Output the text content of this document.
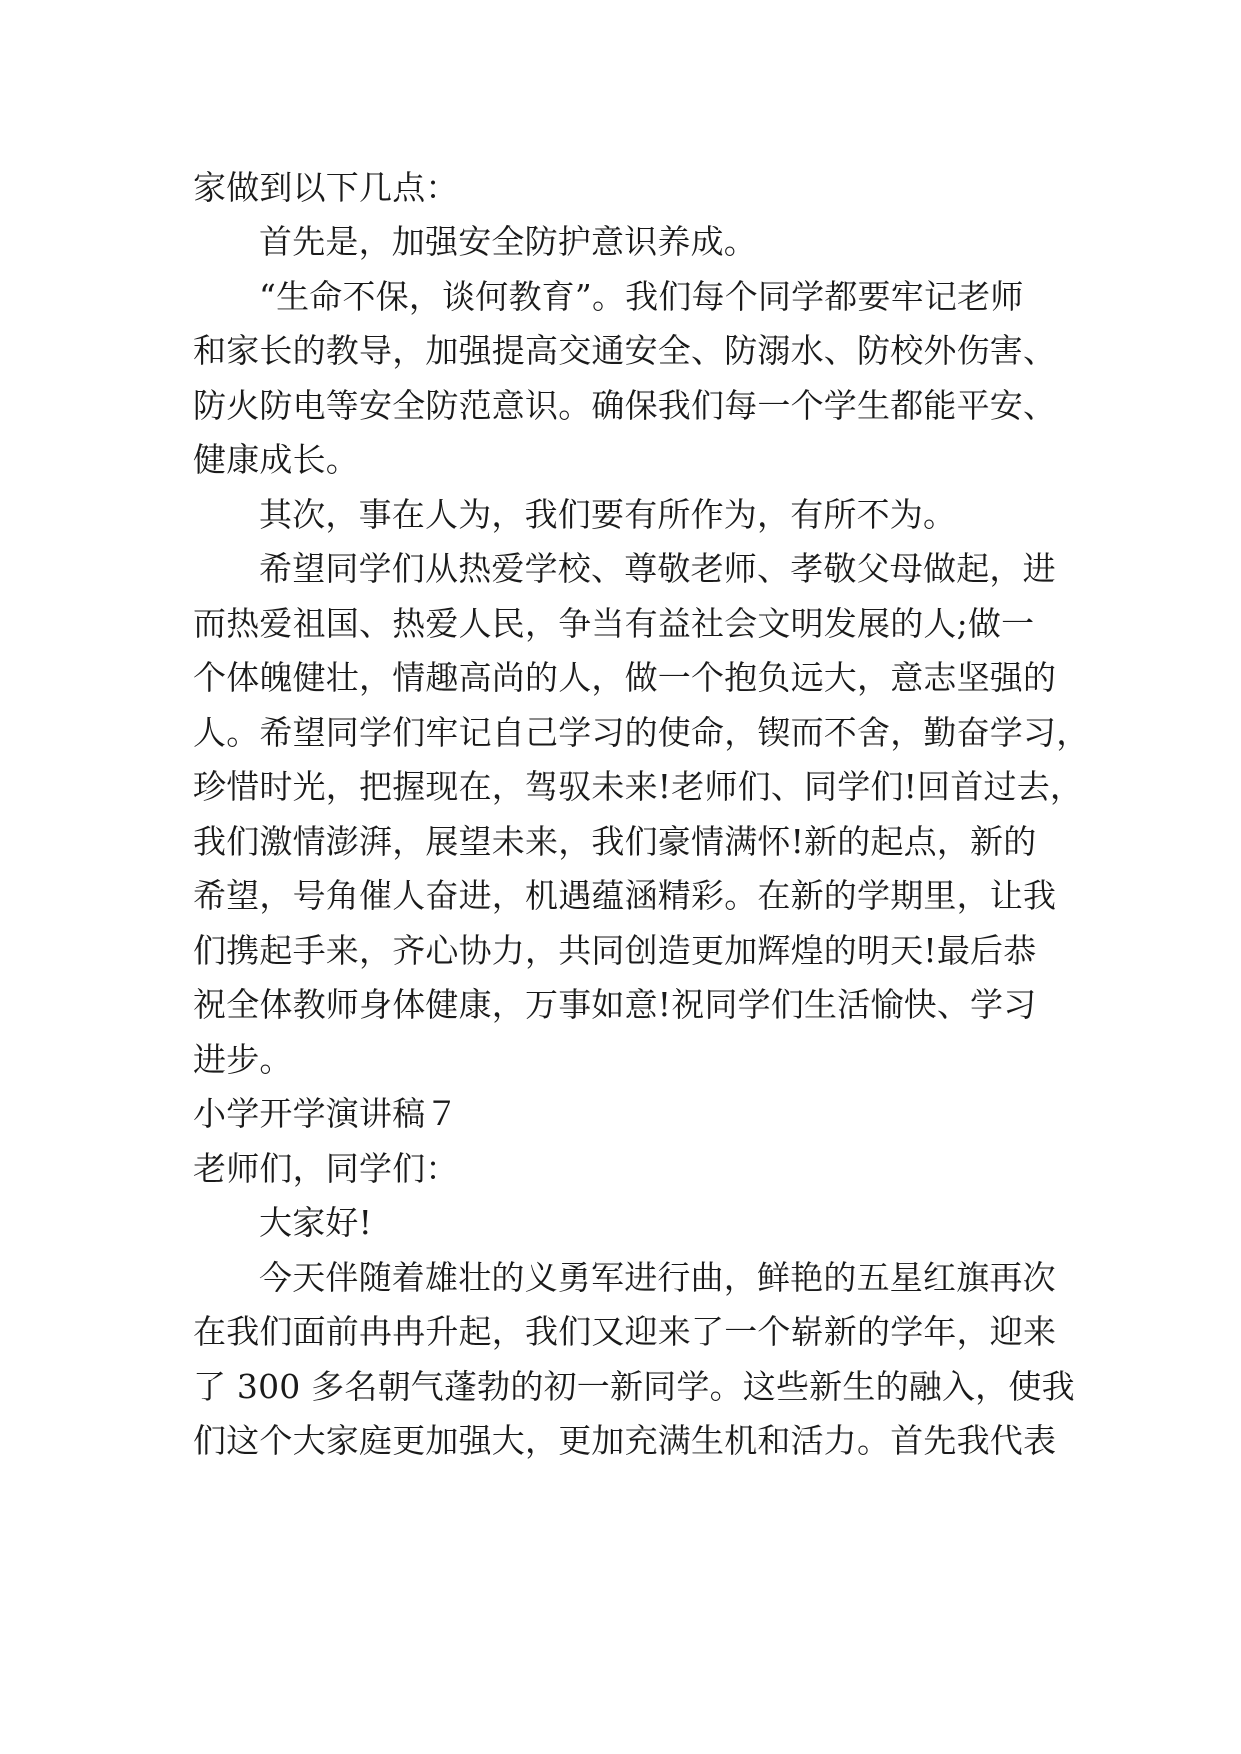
家做到以下几点：
首先是，加强安全防护意识养成。
“生命不保，谈何教育”。我们每个同学都要牢记老师
和家长的教导，加强提高交通安全、防溺水、防校外伤害、
防火防电等安全防范意识。确保我们每一个学生都能平安、
健康成长。
其次，事在人为，我们要有所作为，有所不为。
希望同学们从热爱学校、尊敬老师、孝敬父母做起，进
而热爱祖国、热爱人民，争当有益社会文明发展的人;做一
个体魄健壮，情趣高尚的人，做一个抱负远大，意志坚强的
人。希望同学们牢记自己学习的使命，锲而不舍，勤奋学习，
珍惜时光，把握现在，驾驭未来!老师们、同学们!回首过去，
我们激情澎湃，展望未来，我们豪情满怀!新的起点，新的
希望，号角催人奋进，机遇蕴涵精彩。在新的学期里，让我
们携起手来，齐心协力，共同创造更加辉煌的明天!最后恭
祝全体教师身体健康，万事如意!祝同学们生活愉快、学习
进步。
小学开学演讲稿７
老师们，同学们：
大家好!
今天伴随着雄壮的义勇军进行曲，鲜艳的五星红旗再次
在我们面前冉冉升起，我们又迎来了一个崭新的学年，迎来
了 300 多名朝气蓬勃的初一新同学。这些新生的融入，使我
们这个大家庭更加强大，更加充满生机和活力。首先我代表
